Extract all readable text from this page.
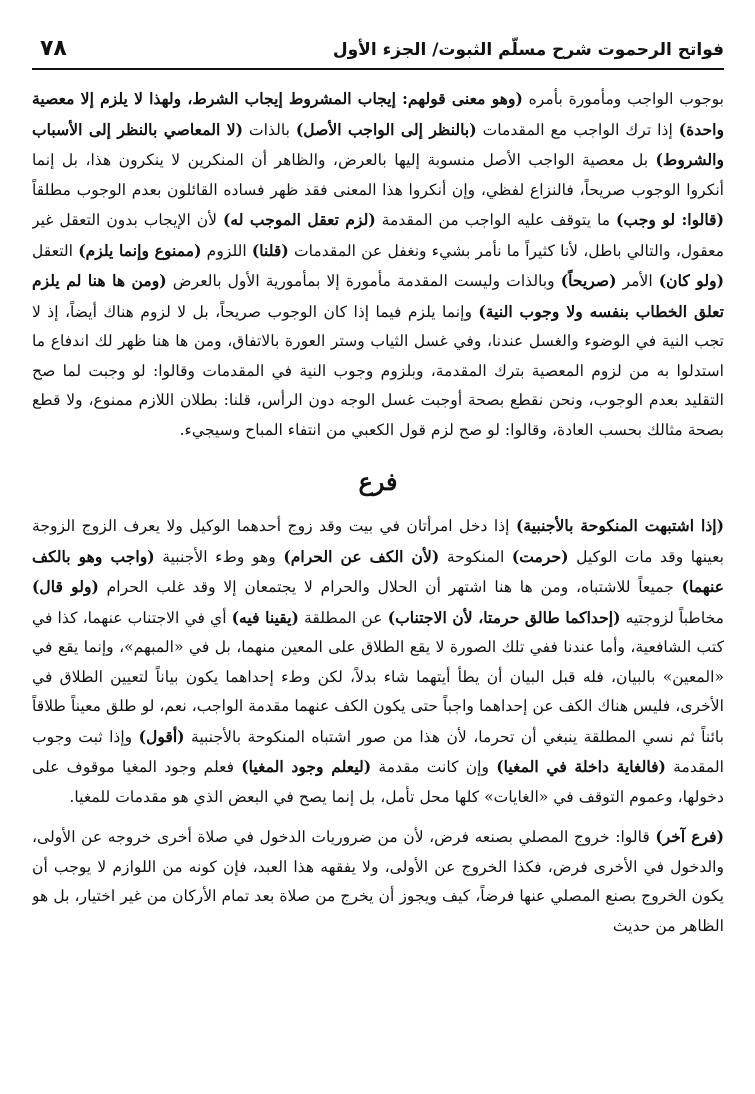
فواتح الرحموت شرح مسلّم الثبوت/ الجزء الأول
٧٨

بوجوب الواجب ومأمورة بأمره (وهو معنى قولهم: إيجاب المشروط إيجاب الشرط، ولهذا لا يلزم إلا معصية واحدة) إذا ترك الواجب مع المقدمات (بالنظر إلى الواجب الأصل) بالذات (لا المعاصي بالنظر إلى الأسباب والشروط) بل معصية الواجب الأصل منسوبة إليها بالعرض، والظاهر أن المنكرين لا ينكرون هذا، بل إنما أنكروا الوجوب صريحاً، فالنزاع لفظي، وإن أنكروا هذا المعنى فقد ظهر فساده القائلون بعدم الوجوب مطلقاً (قالوا: لو وجب) ما يتوقف عليه الواجب من المقدمة (لزم تعقل الموجب له) لأن الإيجاب بدون التعقل غير معقول، والتالي باطل، لأنا كثيراً ما نأمر بشيء ونغفل عن المقدمات (قلنا) اللزوم (ممنوع وإنما يلزم) التعقل (ولو كان) الأمر (صريحاً) وبالذات وليست المقدمة مأمورة إلا بمأمورية الأول بالعرض (ومن ها هنا لم يلزم تعلق الخطاب بنفسه ولا وجوب النية) وإنما يلزم فيما إذا كان الوجوب صريحاً، بل لا لزوم هناك أيضاً، إذ لا تجب النية في الوضوء والغسل عندنا، وفي غسل الثياب وستر العورة بالاتفاق، ومن ها هنا ظهر لك اندفاع ما استدلوا به من لزوم المعصية بترك المقدمة، وبلزوم وجوب النية في المقدمات وقالوا: لو وجبت لما صح التقليد بعدم الوجوب، ونحن نقطع بصحة أوجبت غسل الوجه دون الرأس، قلنا: بطلان اللازم ممنوع، ولا قطع بصحة مثالك بحسب العادة، وقالوا: لو صح لزم قول الكعبي من انتفاء المباح وسيجيء.

فرع

(إذا اشتبهت المنكوحة بالأجنبية) إذا دخل امرأتان في بيت وقد زوج أحدهما الوكيل ولا يعرف الزوج الزوجة بعينها وقد مات الوكيل (حرمت) المنكوحة (لأن الكف عن الحرام) وهو وطء الأجنبية (واجب وهو بالكف عنهما) جميعاً للاشتباه، ومن ها هنا اشتهر أن الحلال والحرام لا يجتمعان إلا وقد غلب الحرام (ولو قال) مخاطباً لزوجتيه (إحداكما طالق حرمتا، لأن الاجتناب) عن المطلقة (يقينا فيه) أي في الاجتناب عنهما، كذا في كتب الشافعية، وأما عندنا ففي تلك الصورة لا يقع الطلاق على المعين منهما، بل في «المبهم»، وإنما يقع في «المعين» بالبيان، فله قبل البيان أن يطأ أيتهما شاء بدلاً، لكن وطء إحداهما يكون بياناً لتعيين الطلاق في الأخرى، فليس هناك الكف عن إحداهما واجباً حتى يكون الكف عنهما مقدمة الواجب، نعم، لو طلق معيناً طلاقاً بائناً ثم نسي المطلقة ينبغي أن تحرما، لأن هذا من صور اشتباه المنكوحة بالأجنبية (أقول) وإذا ثبت وجوب المقدمة (فالغاية داخلة في المغيا) وإن كانت مقدمة (ليعلم وجود المغيا) فعلم وجود المغيا موقوف على دخولها، وعموم التوقف في «الغايات» كلها محل تأمل، بل إنما يصح في البعض الذي هو مقدمات للمغيا.

(فرع آخر) قالوا: خروج المصلي بصنعه فرض، لأن من ضروريات الدخول في صلاة أخرى خروجه عن الأولى، والدخول في الأخرى فرض، فكذا الخروج عن الأولى، ولا يفقهه هذا العبد، فإن كونه من اللوازم لا يوجب أن يكون الخروج بصنع المصلي عنها فرضاً، كيف ويجوز أن يخرج من صلاة بعد تمام الأركان من غير اختيار، بل هو الظاهر من حديث
